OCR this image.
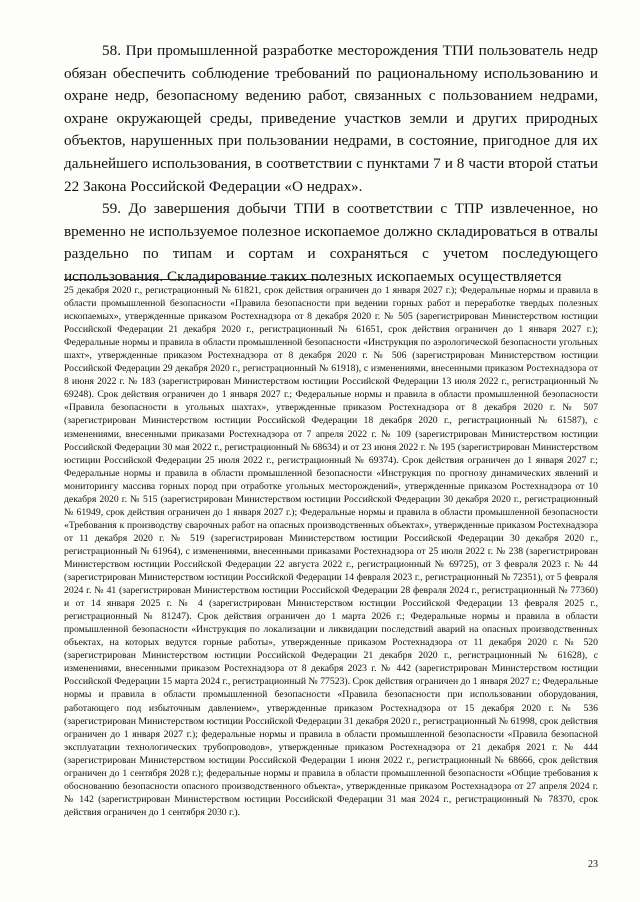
58. При промышленной разработке месторождения ТПИ пользователь недр обязан обеспечить соблюдение требований по рациональному использованию и охране недр, безопасному ведению работ, связанных с пользованием недрами, охране окружающей среды, приведение участков земли и других природных объектов, нарушенных при пользовании недрами, в состояние, пригодное для их дальнейшего использования, в соответствии с пунктами 7 и 8 части второй статьи 22 Закона Российской Федерации «О недрах».

59. До завершения добычи ТПИ в соответствии с ТПР извлеченное, но временно не используемое полезное ископаемое должно складироваться в отвалы раздельно по типам и сортам и сохраняться с учетом последующего использования. Складирование таких полезных ископаемых осуществляется

25 декабря 2020 г., регистрационный № 61821, срок действия ограничен до 1 января 2027 г.); Федеральные нормы и правила в области промышленной безопасности «Правила безопасности при ведении горных работ и переработке твердых полезных ископаемых», утвержденные приказом Ростехнадзора от 8 декабря 2020 г. № 505 (зарегистрирован Министерством юстиции Российской Федерации 21 декабря 2020 г., регистрационный № 61651, срок действия ограничен до 1 января 2027 г.); Федеральные нормы и правила в области промышленной безопасности «Инструкция по аэрологической безопасности угольных шахт», утвержденные приказом Ростехнадзора от 8 декабря 2020 г. № 506 (зарегистрирован Министерством юстиции Российской Федерации 29 декабря 2020 г., регистрационный № 61918), с изменениями, внесенными приказом Ростехнадзора от 8 июня 2022 г. № 183 (зарегистрирован Министерством юстиции Российской Федерации 13 июля 2022 г., регистрационный № 69248). Срок действия ограничен до 1 января 2027 г.; Федеральные нормы и правила в области промышленной безопасности «Правила безопасности в угольных шахтах», утвержденные приказом Ростехнадзора от 8 декабря 2020 г. № 507 (зарегистрирован Министерством юстиции Российской Федерации 18 декабря 2020 г., регистрационный № 61587), с изменениями, внесенными приказами Ростехнадзора от 7 апреля 2022 г. № 109 (зарегистрирован Министерством юстиции Российской Федерации 30 мая 2022 г., регистрационный № 68634) и от 23 июня 2022 г. № 195 (зарегистрирован Министерством юстиции Российской Федерации 25 июля 2022 г., регистрационный № 69374). Срок действия ограничен до 1 января 2027 г.; Федеральные нормы и правила в области промышленной безопасности «Инструкция по прогнозу динамических явлений и мониторингу массива горных пород при отработке угольных месторождений», утвержденные приказом Ростехнадзора от 10 декабря 2020 г. № 515 (зарегистрирован Министерством юстиции Российской Федерации 30 декабря 2020 г., регистрационный № 61949, срок действия ограничен до 1 января 2027 г.); Федеральные нормы и правила в области промышленной безопасности «Требования к производству сварочных работ на опасных производственных объектах», утвержденные приказом Ростехнадзора от 11 декабря 2020 г. № 519 (зарегистрирован Министерством юстиции Российской Федерации 30 декабря 2020 г., регистрационный № 61964), с изменениями, внесенными приказами Ростехнадзора от 25 июля 2022 г. № 238 (зарегистрирован Министерством юстиции Российской Федерации 22 августа 2022 г., регистрационный № 69725), от 3 февраля 2023 г. № 44 (зарегистрирован Министерством юстиции Российской Федерации 14 февраля 2023 г., регистрационный № 72351), от 5 февраля 2024 г. № 41 (зарегистрирован Министерством юстиции Российской Федерации 28 февраля 2024 г., регистрационный № 77360) и от 14 января 2025 г. № 4 (зарегистрирован Министерством юстиции Российской Федерации 13 февраля 2025 г., регистрационный № 81247). Срок действия ограничен до 1 марта 2026 г.; Федеральные нормы и правила в области промышленной безопасности «Инструкция по локализации и ликвидации последствий аварий на опасных производственных объектах, на которых ведутся горные работы», утвержденные приказом Ростехнадзора от 11 декабря 2020 г. № 520 (зарегистрирован Министерством юстиции Российской Федерации 21 декабря 2020 г., регистрационный № 61628), с изменениями, внесенными приказом Ростехнадзора от 8 декабря 2023 г. № 442 (зарегистрирован Министерством юстиции Российской Федерации 15 марта 2024 г., регистрационный № 77523). Срок действия ограничен до 1 января 2027 г.; Федеральные нормы и правила в области промышленной безопасности «Правила безопасности при использовании оборудования, работающего под избыточным давлением», утвержденные приказом Ростехнадзора от 15 декабря 2020 г. № 536 (зарегистрирован Министерством юстиции Российской Федерации 31 декабря 2020 г., регистрационный № 61998, срок действия ограничен до 1 января 2027 г.); федеральные нормы и правила в области промышленной безопасности «Правила безопасной эксплуатации технологических трубопроводов», утвержденные приказом Ростехнадзора от 21 декабря 2021 г. № 444 (зарегистрирован Министерством юстиции Российской Федерации 1 июня 2022 г., регистрационный № 68666, срок действия ограничен до 1 сентября 2028 г.); федеральные нормы и правила в области промышленной безопасности «Общие требования к обоснованию безопасности опасного производственного объекта», утвержденные приказом Ростехнадзора от 27 апреля 2024 г. № 142 (зарегистрирован Министерством юстиции Российской Федерации 31 мая 2024 г., регистрационный № 78370, срок действия ограничен до 1 сентября 2030 г.).
23
